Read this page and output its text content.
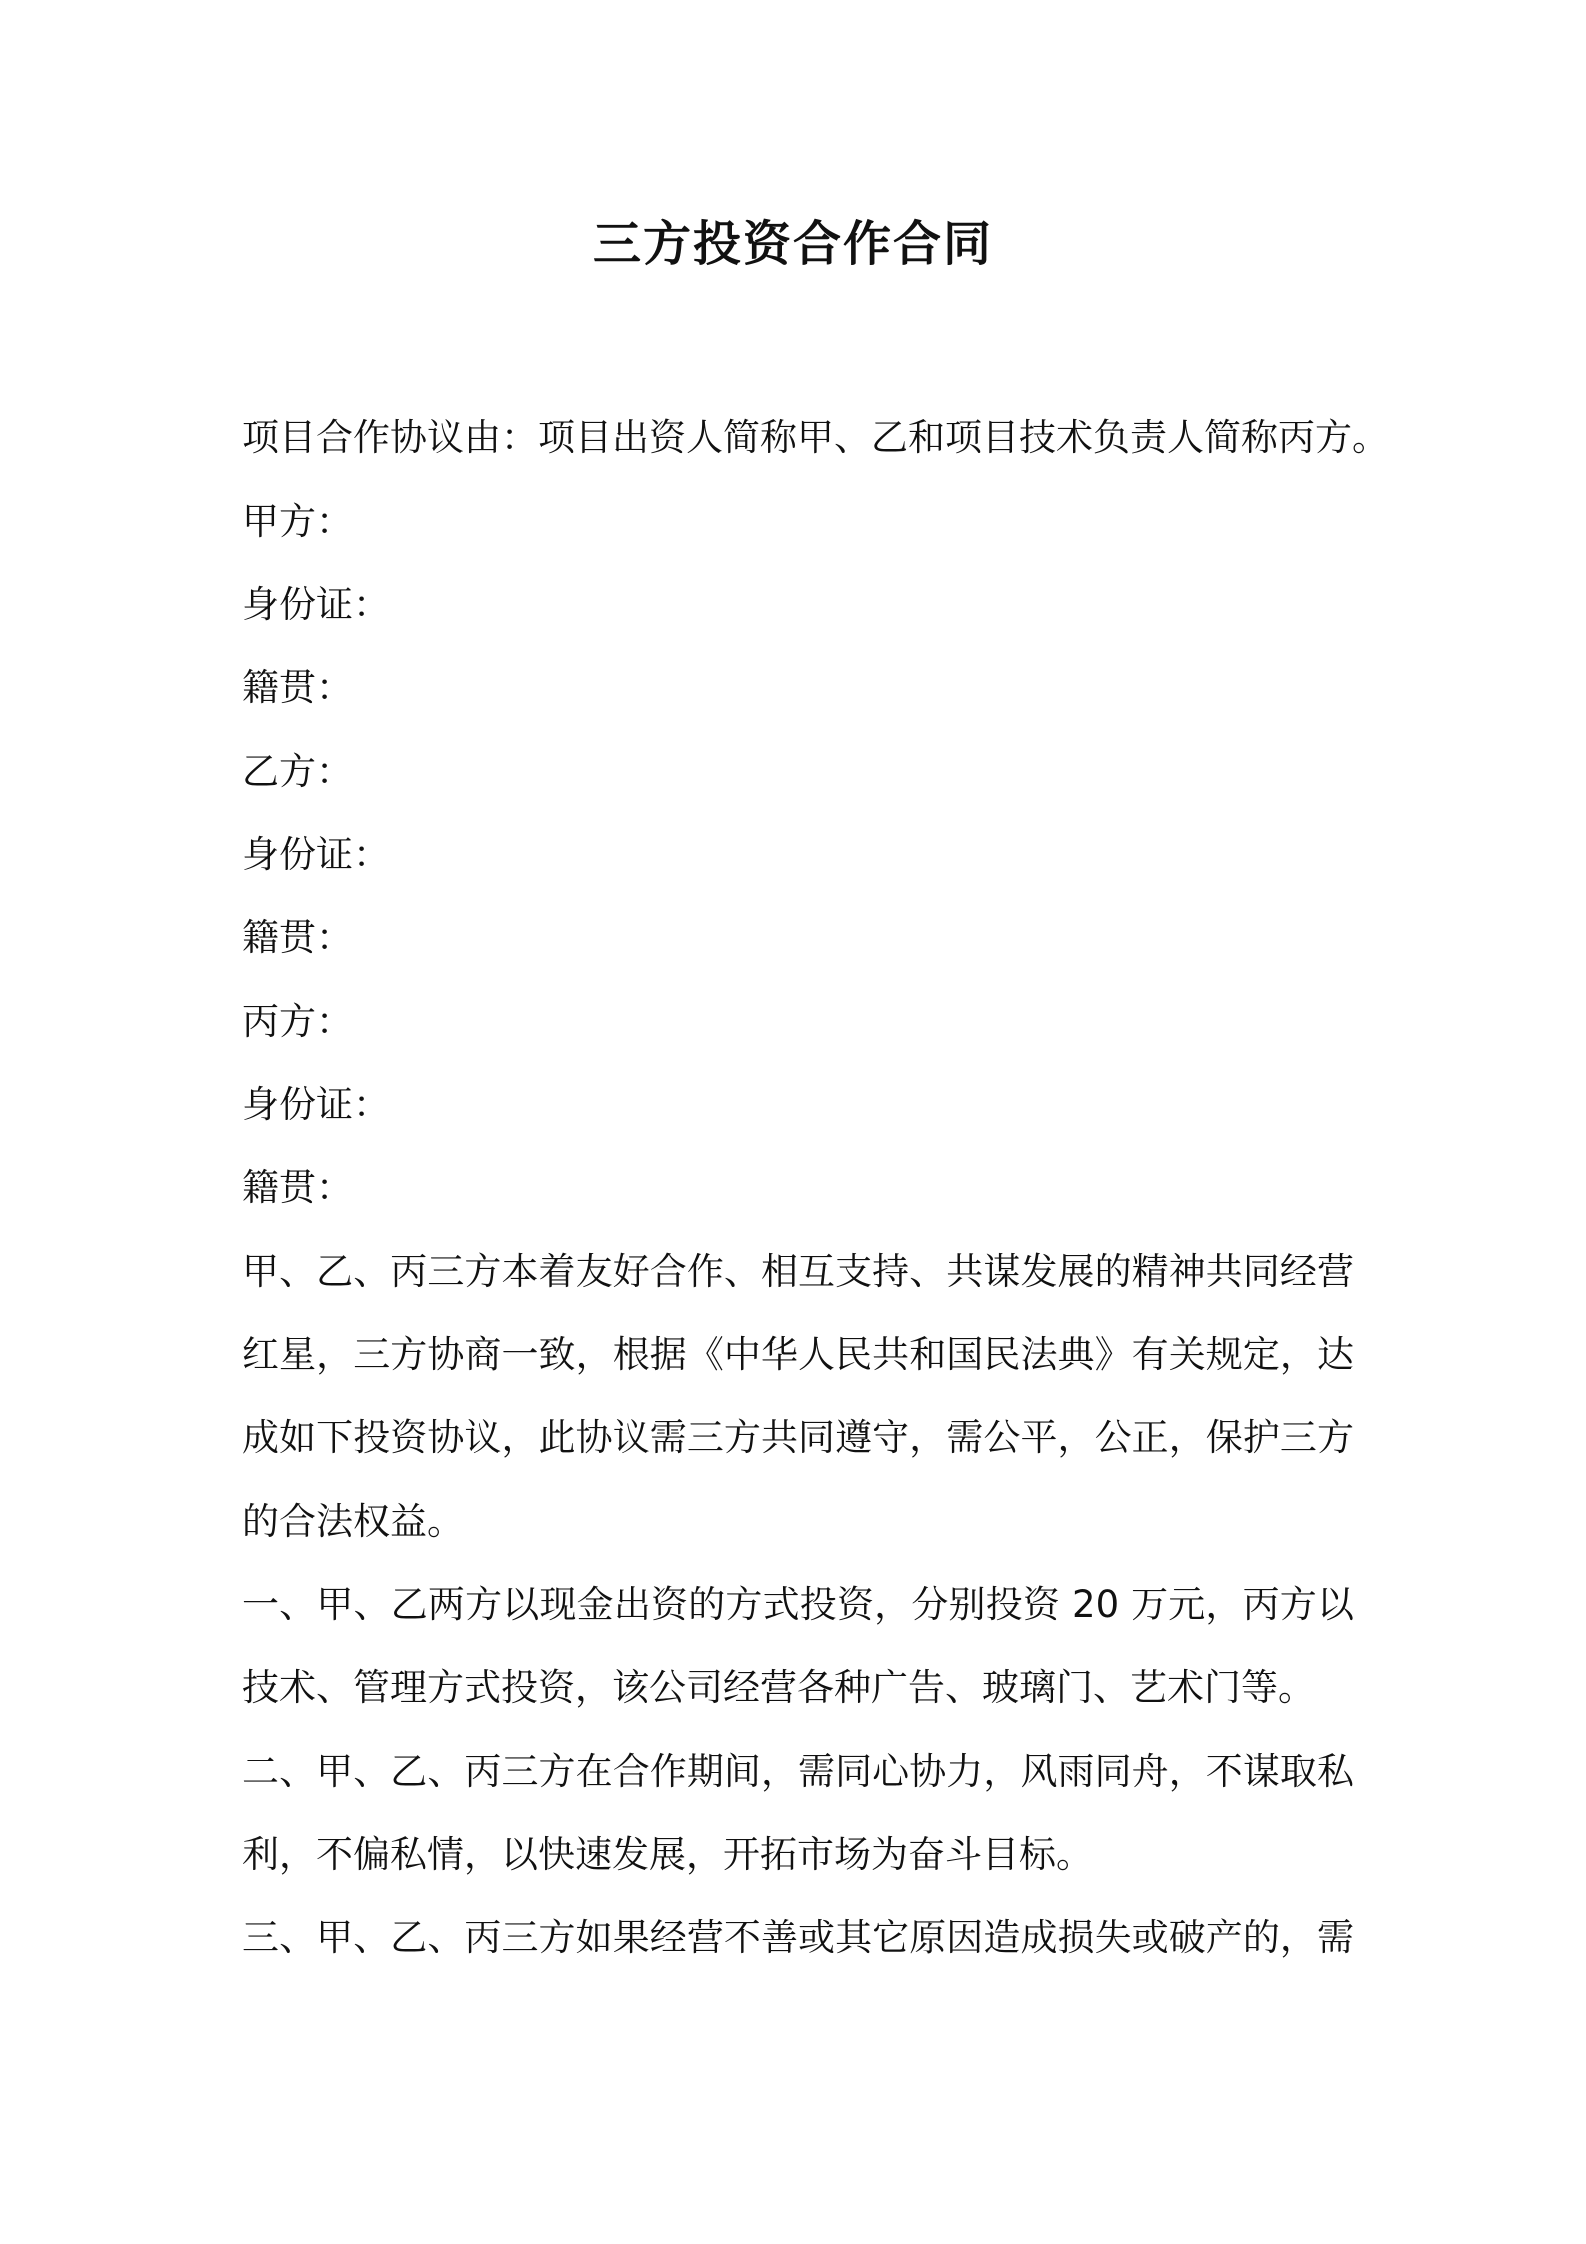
三方投资合作合同

项目合作协议由：项目出资人简称甲、乙和项目技术负责人简称丙方。

甲方：

身份证：

籍贯：

乙方：

身份证：

籍贯：

丙方：

身份证：

籍贯：

甲、乙、丙三方本着友好合作、相互支持、共谋发展的精神共同经营

红星，三方协商一致，根据《中华人民共和国民法典》有关规定，达

成如下投资协议，此协议需三方共同遵守，需公平，公正，保护三方

的合法权益。

一、甲、乙两方以现金出资的方式投资，分别投资 20 万元，丙方以

技术、管理方式投资，该公司经营各种广告、玻璃门、艺术门等。

二、甲、乙、丙三方在合作期间，需同心协力，风雨同舟，不谋取私

利，不偏私情，以快速发展，开拓市场为奋斗目标。

三、甲、乙、丙三方如果经营不善或其它原因造成损失或破产的，需
